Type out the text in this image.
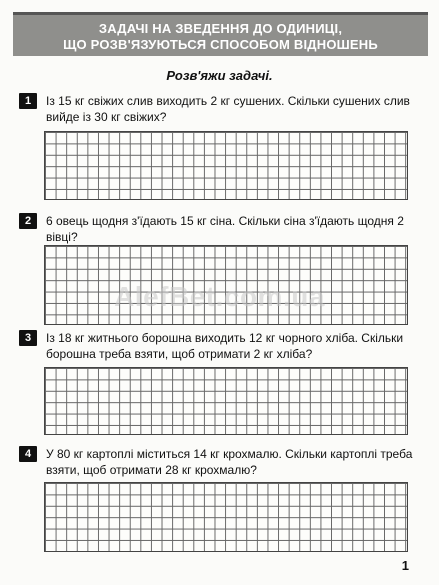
ЗАДАЧІ НА ЗВЕДЕННЯ ДО ОДИНИЦІ,
ЩО РОЗВ'ЯЗУЮТЬСЯ СПОСОБОМ ВІДНОШЕНЬ
Розв'яжи задачі.
1	Із 15 кг свіжих слив виходить 2 кг сушених. Скільки сушених слив вийде із 30 кг свіжих?
2	6 овець щодня з'їдають 15 кг сіна. Скільки сіна з'їдають щодня 2 вівці?
3	Із 18 кг житнього борошна виходить 12 кг чорного хліба. Скільки борошна треба взяти, щоб отримати 2 кг хліба?
4	У 80 кг картоплі міститься 14 кг крохмалю. Скільки картоплі треба взяти, щоб отримати 28 кг крохмалю?
AlefBet.com.ua
1
